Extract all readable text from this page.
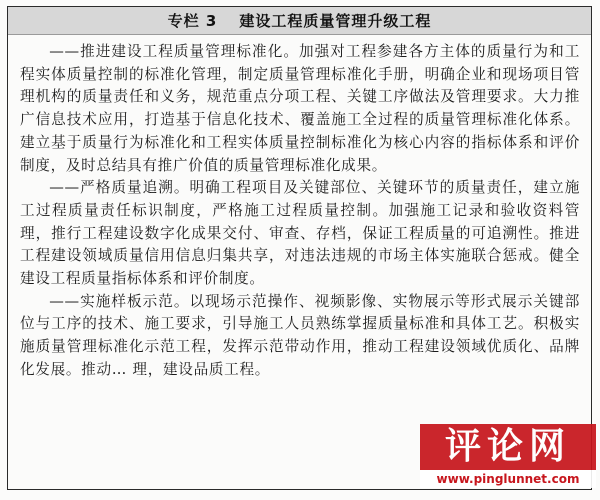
专栏 3 建设工程质量管理升级工程

——推进建设工程质量管理标准化。加强对工程参建各方主体的质量行为和工程实体质量控制的标准化管理，制定质量管理标准化手册，明确企业和现场项目管理机构的质量责任和义务，规范重点分项工程、关键工序做法及管理要求。大力推广信息技术应用，打造基于信息化技术、覆盖施工全过程的质量管理标准化体系。建立基于质量行为标准化和工程实体质量控制标准化为核心内容的指标体系和评价制度，及时总结具有推广价值的质量管理标准化成果。

——严格质量追溯。明确工程项目及关键部位、关键环节的质量责任，建立施工过程质量责任标识制度，严格施工过程质量控制。加强施工记录和验收资料管理，推行工程建设数字化成果交付、审查、存档，保证工程质量的可追溯性。推进工程建设领域质量信用信息归集共享，对违法违规的市场主体实施联合惩戒。健全建设工程质量指标体系和评价制度。

——实施样板示范。以现场示范操作、视频影像、实物展示等形式展示关键部位与工序的技术、施工要求，引导施工人员熟练掌握质量标准和具体工艺。积极实施质量管理标准化示范工程，发挥示范带动作用，推动工程建设领域优质化、品牌化发展。推动… 理，建设品质工程。

评论网
www.pinglunnet.com
